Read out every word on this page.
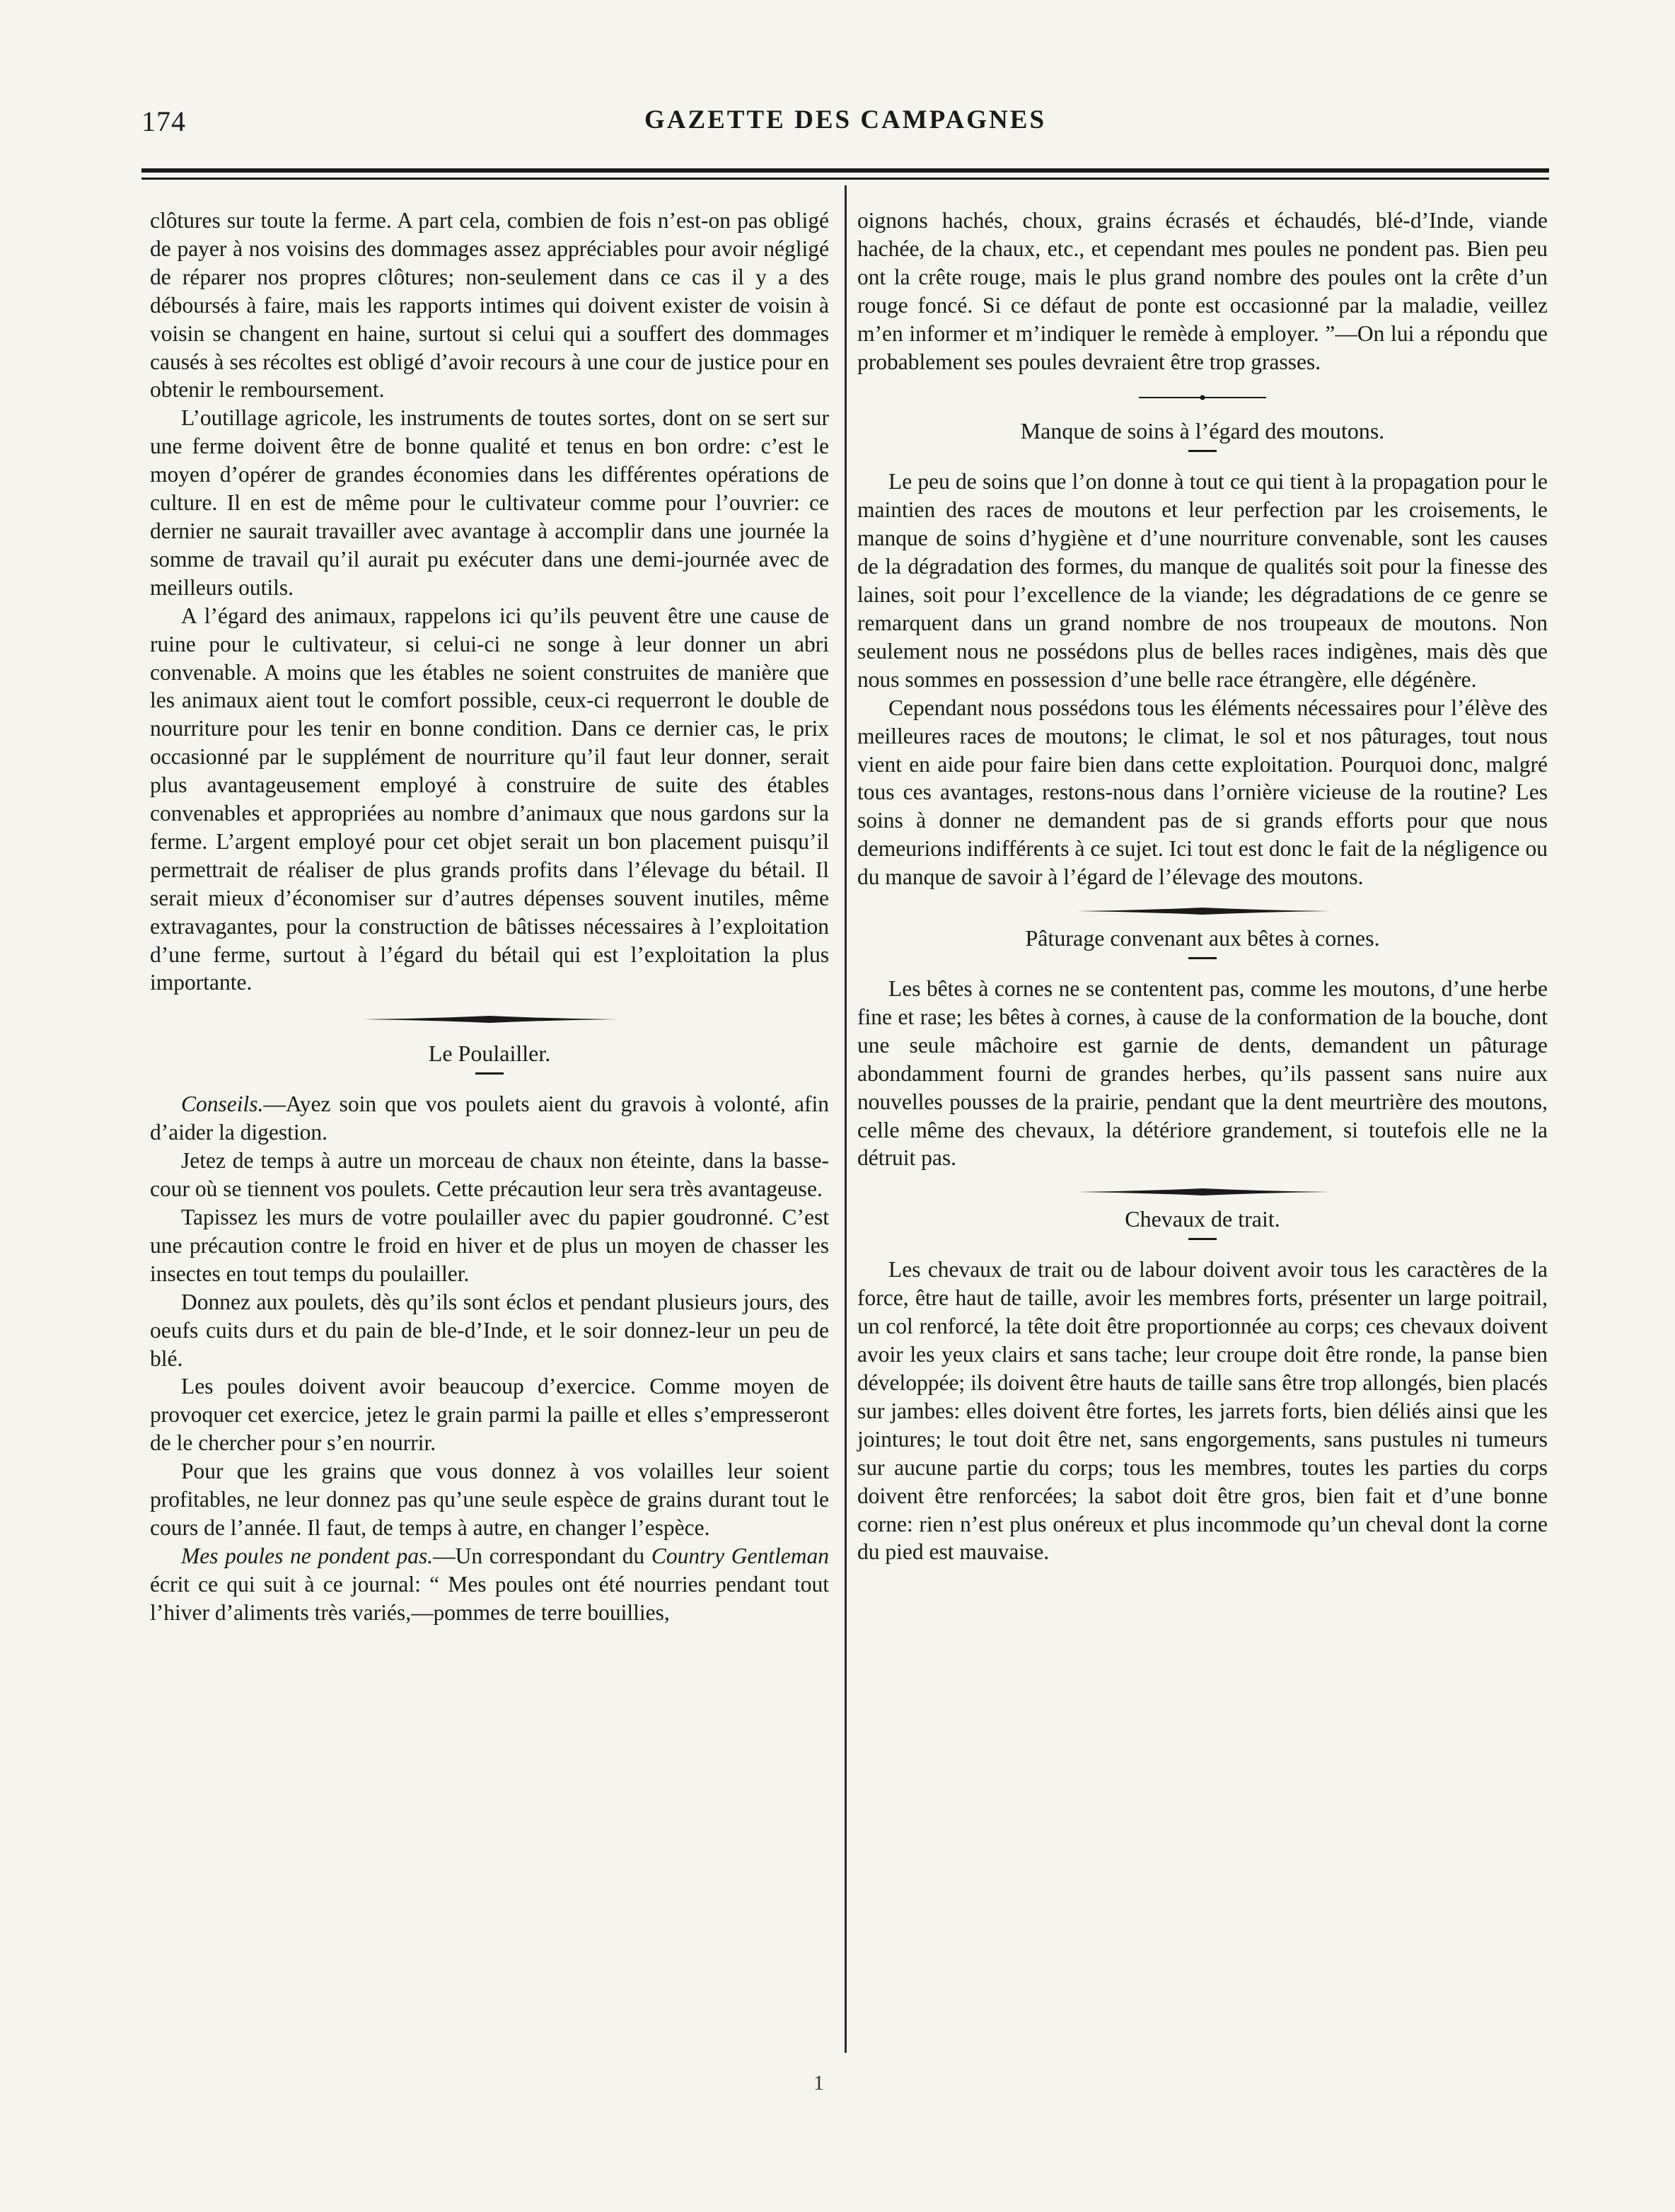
174	GAZETTE DES CAMPAGNES

clôtures sur toute la ferme. A part cela, combien de fois n’est-on pas obligé de payer à nos voisins des dommages assez appréciables pour avoir négligé de réparer nos propres clôtures; non-seulement dans ce cas il y a des déboursés à faire, mais les rapports intimes qui doivent exister de voisin à voisin se changent en haine, surtout si celui qui a souffert des dommages causés à ses récoltes est obligé d’avoir recours à une cour de justice pour en obtenir le remboursement.

L’outillage agricole, les instruments de toutes sortes, dont on se sert sur une ferme doivent être de bonne qualité et tenus en bon ordre: c’est le moyen d’opérer de grandes économies dans les différentes opérations de culture. Il en est de même pour le cultivateur comme pour l’ouvrier: ce dernier ne saurait travailler avec avantage à accomplir dans une journée la somme de travail qu’il aurait pu exécuter dans une demi-journée avec de meilleurs outils.

A l’égard des animaux, rappelons ici qu’ils peuvent être une cause de ruine pour le cultivateur, si celui-ci ne songe à leur donner un abri convenable. A moins que les étables ne soient construites de manière que les animaux aient tout le comfort possible, ceux-ci requerront le double de nourriture pour les tenir en bonne condition. Dans ce dernier cas, le prix occasionné par le supplément de nourriture qu’il faut leur donner, serait plus avantageusement employé à construire de suite des étables convenables et appropriées au nombre d’animaux que nous gardons sur la ferme. L’argent employé pour cet objet serait un bon placement puisqu’il permettrait de réaliser de plus grands profits dans l’élevage du bétail. Il serait mieux d’économiser sur d’autres dépenses souvent inutiles, même extravagantes, pour la construction de bâtisses nécessaires à l’exploitation d’une ferme, surtout à l’égard du bétail qui est l’exploitation la plus importante.

Le Poulailler.

Conseils.—Ayez soin que vos poulets aient du gravois à volonté, afin d’aider la digestion.

Jetez de temps à autre un morceau de chaux non éteinte, dans la basse-cour où se tiennent vos poulets. Cette précaution leur sera très avantageuse.

Tapissez les murs de votre poulailler avec du papier goudronné. C’est une précaution contre le froid en hiver et de plus un moyen de chasser les insectes en tout temps du poulailler.

Donnez aux poulets, dès qu’ils sont éclos et pendant plusieurs jours, des oeufs cuits durs et du pain de ble-d’Inde, et le soir donnez-leur un peu de blé.

Les poules doivent avoir beaucoup d’exercice. Comme moyen de provoquer cet exercice, jetez le grain parmi la paille et elles s’empresseront de le chercher pour s’en nourrir.

Pour que les grains que vous donnez à vos volailles leur soient profitables, ne leur donnez pas qu’une seule espèce de grains durant tout le cours de l’année. Il faut, de temps à autre, en changer l’espèce.

Mes poules ne pondent pas.—Un correspondant du Country Gentleman écrit ce qui suit à ce journal: “ Mes poules ont été nourries pendant tout l’hiver d’aliments très variés,—pommes de terre bouillies,

oignons hachés, choux, grains écrasés et échaudés, blé-d’Inde, viande hachée, de la chaux, etc., et cependant mes poules ne pondent pas. Bien peu ont la crête rouge, mais le plus grand nombre des poules ont la crête d’un rouge foncé. Si ce défaut de ponte est occasionné par la maladie, veillez m’en informer et m’indiquer le remède à employer. ”—On lui a répondu que probablement ses poules devraient être trop grasses.

Manque de soins à l’égard des moutons.

Le peu de soins que l’on donne à tout ce qui tient à la propagation pour le maintien des races de moutons et leur perfection par les croisements, le manque de soins d’hygiène et d’une nourriture convenable, sont les causes de la dégradation des formes, du manque de qualités soit pour la finesse des laines, soit pour l’excellence de la viande; les dégradations de ce genre se remarquent dans un grand nombre de nos troupeaux de moutons. Non seulement nous ne possédons plus de belles races indigènes, mais dès que nous sommes en possession d’une belle race étrangère, elle dégénère.

Cependant nous possédons tous les éléments nécessaires pour l’élève des meilleures races de moutons; le climat, le sol et nos pâturages, tout nous vient en aide pour faire bien dans cette exploitation. Pourquoi donc, malgré tous ces avantages, restons-nous dans l’ornière vicieuse de la routine? Les soins à donner ne demandent pas de si grands efforts pour que nous demeurions indifférents à ce sujet. Ici tout est donc le fait de la négligence ou du manque de savoir à l’égard de l’élevage des moutons.

Pâturage convenant aux bêtes à cornes.

Les bêtes à cornes ne se contentent pas, comme les moutons, d’une herbe fine et rase; les bêtes à cornes, à cause de la conformation de la bouche, dont une seule mâchoire est garnie de dents, demandent un pâturage abondamment fourni de grandes herbes, qu’ils passent sans nuire aux nouvelles pousses de la prairie, pendant que la dent meurtrière des moutons, celle même des chevaux, la détériore grandement, si toutefois elle ne la détruit pas.

Chevaux de trait.

Les chevaux de trait ou de labour doivent avoir tous les caractères de la force, être haut de taille, avoir les membres forts, présenter un large poitrail, un col renforcé, la tête doit être proportionnée au corps; ces chevaux doivent avoir les yeux clairs et sans tache; leur croupe doit être ronde, la panse bien développée; ils doivent être hauts de taille sans être trop allongés, bien placés sur jambes: elles doivent être fortes, les jarrets forts, bien déliés ainsi que les jointures; le tout doit être net, sans engorgements, sans pustules ni tumeurs sur aucune partie du corps; tous les membres, toutes les parties du corps doivent être renforcées; la sabot doit être gros, bien fait et d’une bonne corne: rien n’est plus onéreux et plus incommode qu’un cheval dont la corne du pied est mauvaise.

1
